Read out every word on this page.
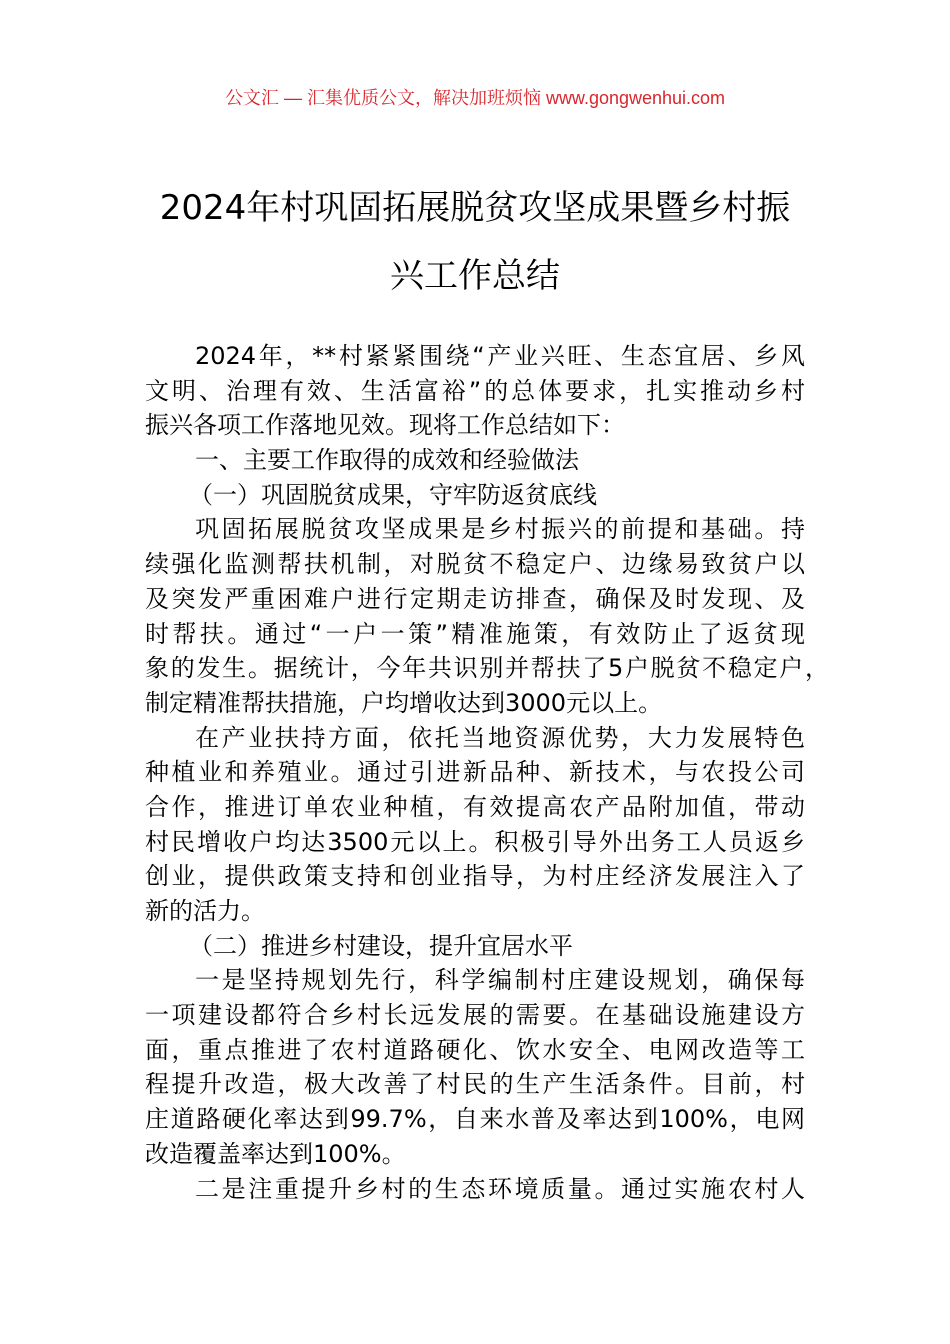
公文汇 — 汇集优质公文，解决加班烦恼 www.gongwenhui.com
2024年村巩固拓展脱贫攻坚成果暨乡村振
兴工作总结
2024年，**村紧紧围绕“产业兴旺、生态宜居、乡风
文明、治理有效、生活富裕”的总体要求，扎实推动乡村
振兴各项工作落地见效。现将工作总结如下：
一、主要工作取得的成效和经验做法
（一）巩固脱贫成果，守牢防返贫底线
巩固拓展脱贫攻坚成果是乡村振兴的前提和基础。持
续强化监测帮扶机制，对脱贫不稳定户、边缘易致贫户以
及突发严重困难户进行定期走访排查，确保及时发现、及
时帮扶。通过“一户一策”精准施策，有效防止了返贫现
象的发生。据统计，今年共识别并帮扶了5户脱贫不稳定户，
制定精准帮扶措施，户均增收达到3000元以上。
在产业扶持方面，依托当地资源优势，大力发展特色
种植业和养殖业。通过引进新品种、新技术，与农投公司
合作，推进订单农业种植，有效提高农产品附加值，带动
村民增收户均达3500元以上。积极引导外出务工人员返乡
创业，提供政策支持和创业指导，为村庄经济发展注入了
新的活力。
（二）推进乡村建设，提升宜居水平
一是坚持规划先行，科学编制村庄建设规划，确保每
一项建设都符合乡村长远发展的需要。在基础设施建设方
面，重点推进了农村道路硬化、饮水安全、电网改造等工
程提升改造，极大改善了村民的生产生活条件。目前，村
庄道路硬化率达到99.7%，自来水普及率达到100%，电网
改造覆盖率达到100%。
二是注重提升乡村的生态环境质量。通过实施农村人
